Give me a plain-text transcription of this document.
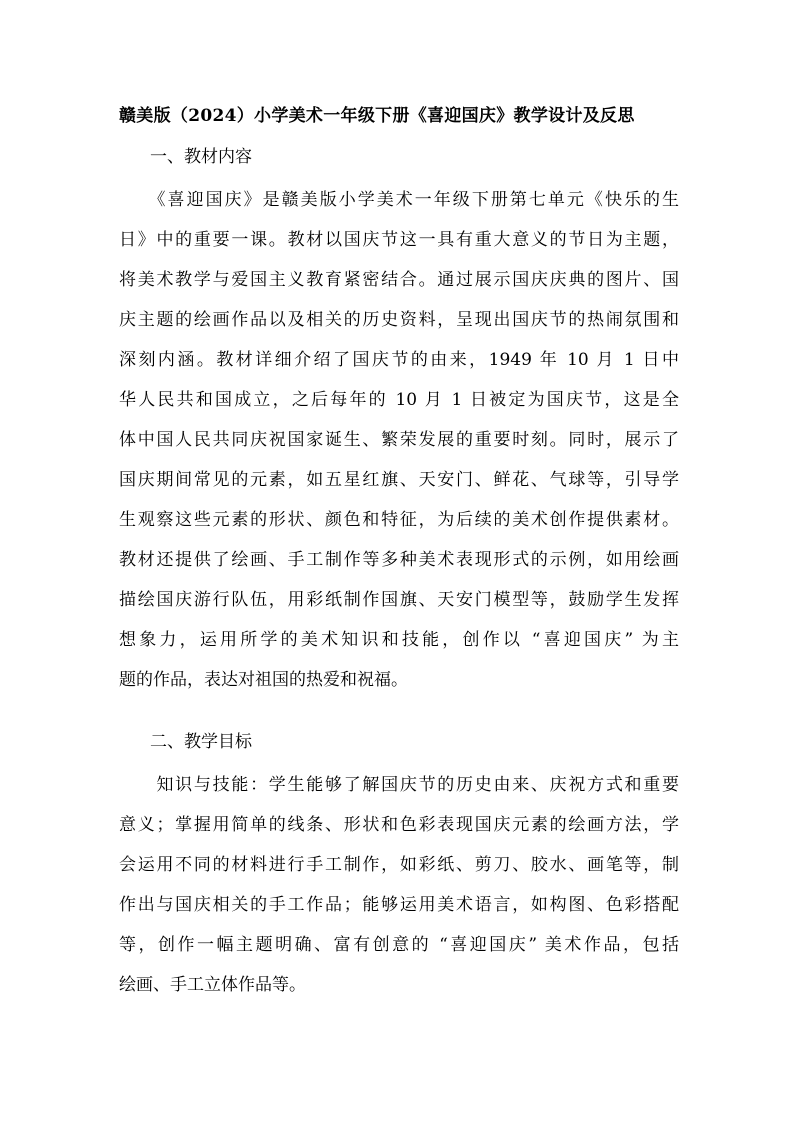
赣美版（2024）小学美术一年级下册《喜迎国庆》教学设计及反思
一、教材内容
　　《喜迎国庆》是赣美版小学美术一年级下册第七单元《快乐的生
日》中的重要一课。教材以国庆节这一具有重大意义的节日为主题，
将美术教学与爱国主义教育紧密结合。通过展示国庆庆典的图片、国
庆主题的绘画作品以及相关的历史资料，呈现出国庆节的热闹氛围和
深刻内涵。教材详细介绍了国庆节的由来，1949 年 10 月 1 日中
华人民共和国成立，之后每年的 10 月 1 日被定为国庆节，这是全
体中国人民共同庆祝国家诞生、繁荣发展的重要时刻。同时，展示了
国庆期间常见的元素，如五星红旗、天安门、鲜花、气球等，引导学
生观察这些元素的形状、颜色和特征，为后续的美术创作提供素材。
教材还提供了绘画、手工制作等多种美术表现形式的示例，如用绘画
描绘国庆游行队伍，用彩纸制作国旗、天安门模型等，鼓励学生发挥
想象力，运用所学的美术知识和技能，创作以 “喜迎国庆” 为主
题的作品，表达对祖国的热爱和祝福。
二、教学目标
　　知识与技能：学生能够了解国庆节的历史由来、庆祝方式和重要
意义；掌握用简单的线条、形状和色彩表现国庆元素的绘画方法，学
会运用不同的材料进行手工制作，如彩纸、剪刀、胶水、画笔等，制
作出与国庆相关的手工作品；能够运用美术语言，如构图、色彩搭配
等，创作一幅主题明确、富有创意的 “喜迎国庆” 美术作品，包括
绘画、手工立体作品等。
